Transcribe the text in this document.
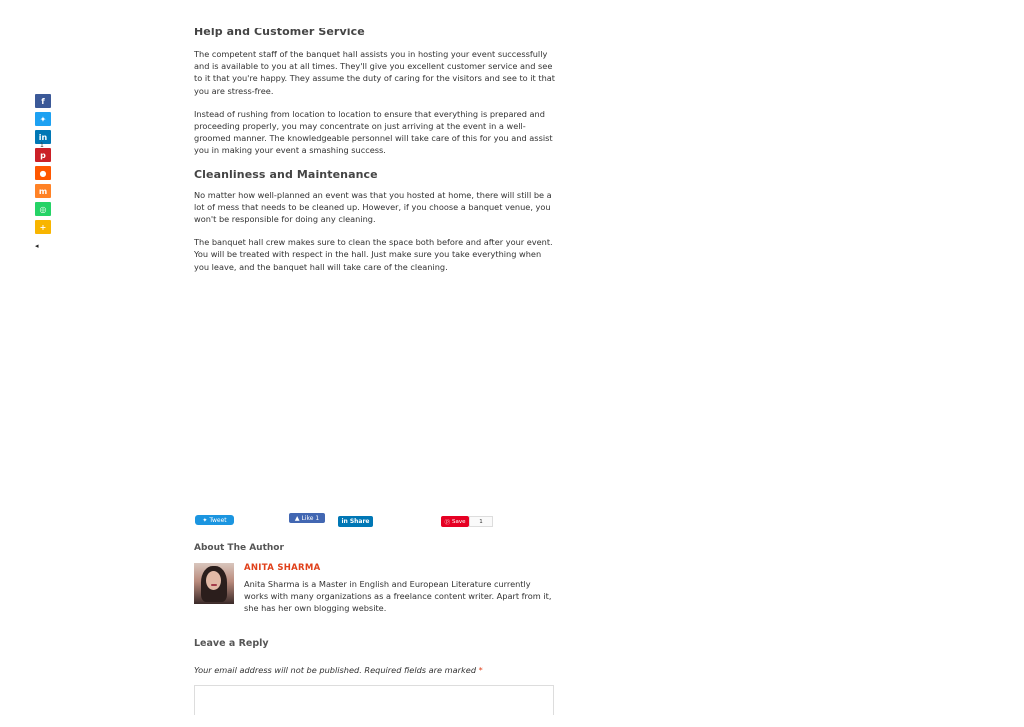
f
✦
in
1
p
●
m
◎
+
◂
Help and Customer Service

The competent staff of the banquet hall assists you in hosting your event successfully and is available to you at all times. They'll give you excellent customer service and see to it that you're happy. They assume the duty of caring for the visitors and see to it that you are stress-free.

Instead of rushing from location to location to ensure that everything is prepared and proceeding properly, you may concentrate on just arriving at the event in a well-groomed manner. The knowledgeable personnel will take care of this for you and assist you in making your event a smashing success.

Cleanliness and Maintenance

No matter how well-planned an event was that you hosted at home, there will still be a lot of mess that needs to be cleaned up. However, if you choose a banquet venue, you won't be responsible for doing any cleaning.

The banquet hall crew makes sure to clean the space both before and after your event. You will be treated with respect in the hall. Just make sure you take everything when you leave, and the banquet hall will take care of the cleaning.

✦ Tweet	▲ Like 1	in Share	ⓟ Save	1
About The Author
ANITA SHARMA
Anita Sharma is a Master in English and European Literature currently works with many organizations as a freelance content writer. Apart from it, she has her own blogging website.
Leave a Reply
Your email address will not be published. Required fields are marked *
